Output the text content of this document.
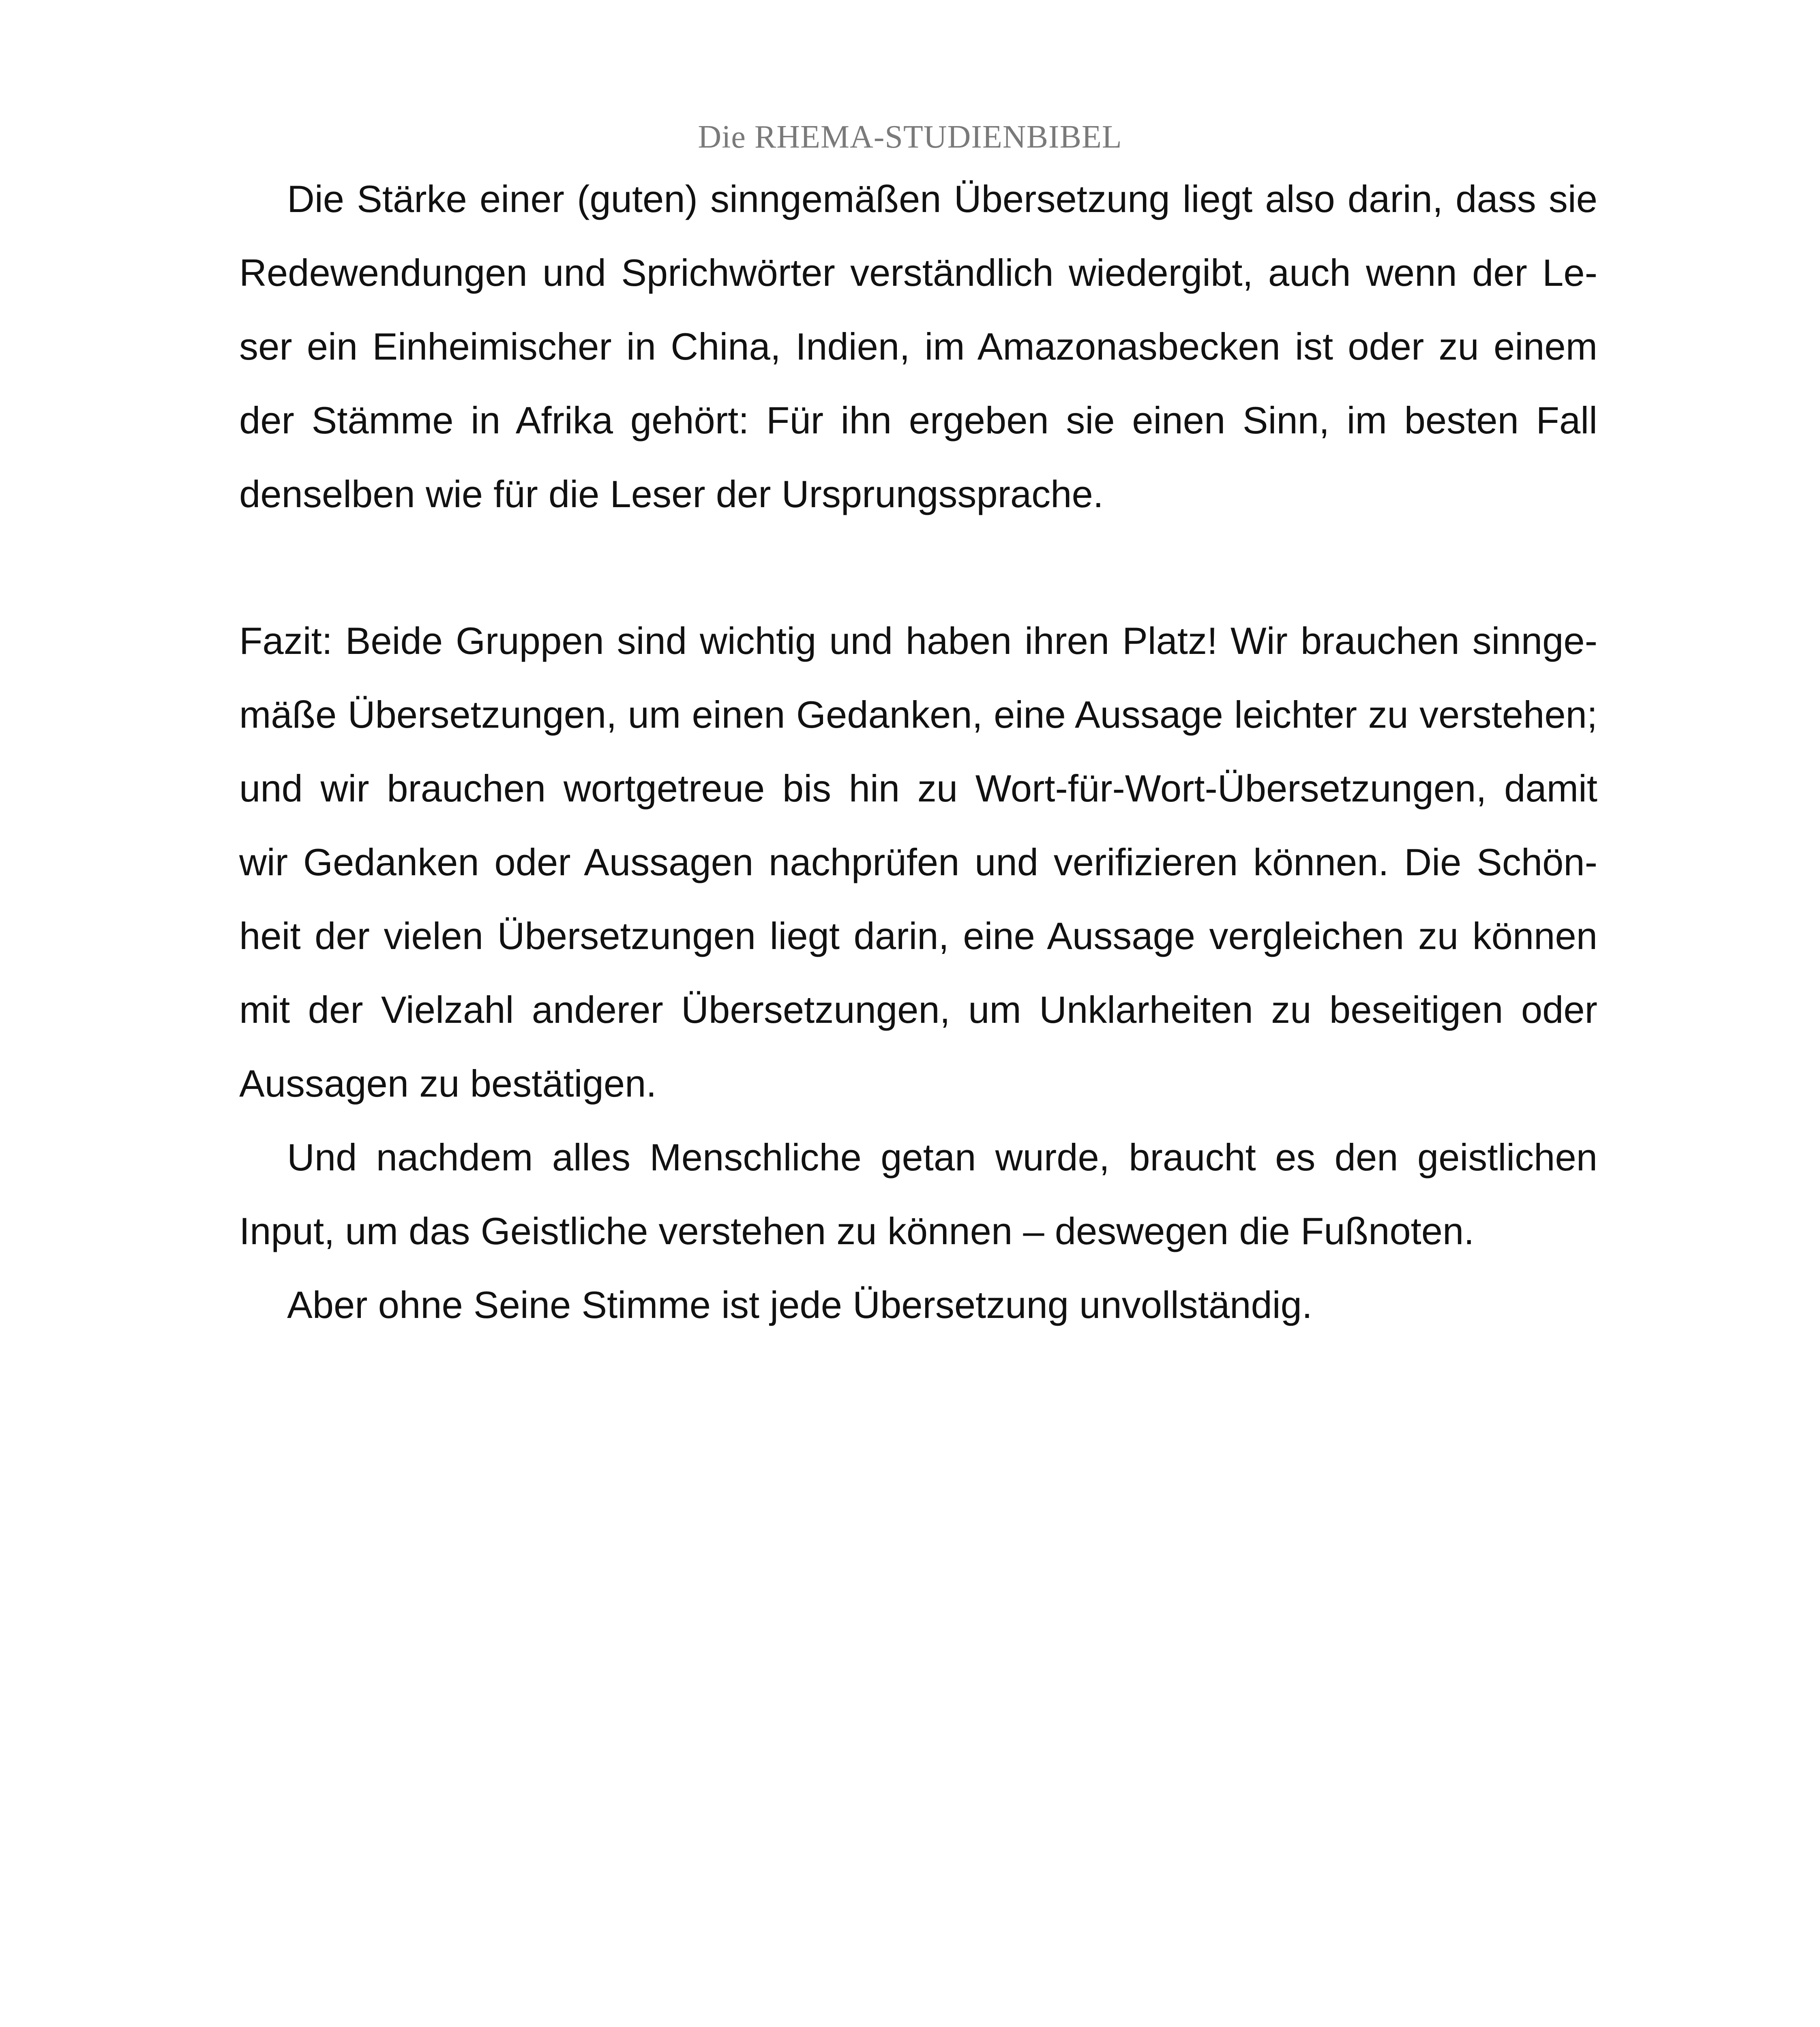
Die RHEMA-STUDIENBIBEL

Die Stärke einer (guten) sinngemäßen Übersetzung liegt also darin, dass sie Redewendungen und Sprichwörter verständlich wiedergibt, auch wenn der Leser ein Einheimischer in China, Indien, im Amazonasbecken ist oder zu einem der Stämme in Afrika gehört: Für ihn ergeben sie einen Sinn, im besten Fall denselben wie für die Leser der Ursprungssprache.

Fazit: Beide Gruppen sind wichtig und haben ihren Platz! Wir brauchen sinngemäße Übersetzungen, um einen Gedanken, eine Aussage leichter zu verstehen; und wir brauchen wortgetreue bis hin zu Wort-für-Wort-Übersetzungen, damit wir Gedanken oder Aussagen nachprüfen und verifizieren können. Die Schönheit der vielen Übersetzungen liegt darin, eine Aussage vergleichen zu können mit der Vielzahl anderer Übersetzungen, um Unklarheiten zu beseitigen oder Aussagen zu bestätigen.

Und nachdem alles Menschliche getan wurde, braucht es den geistlichen Input, um das Geistliche verstehen zu können – deswegen die Fußnoten.

Aber ohne Seine Stimme ist jede Übersetzung unvollständig.
